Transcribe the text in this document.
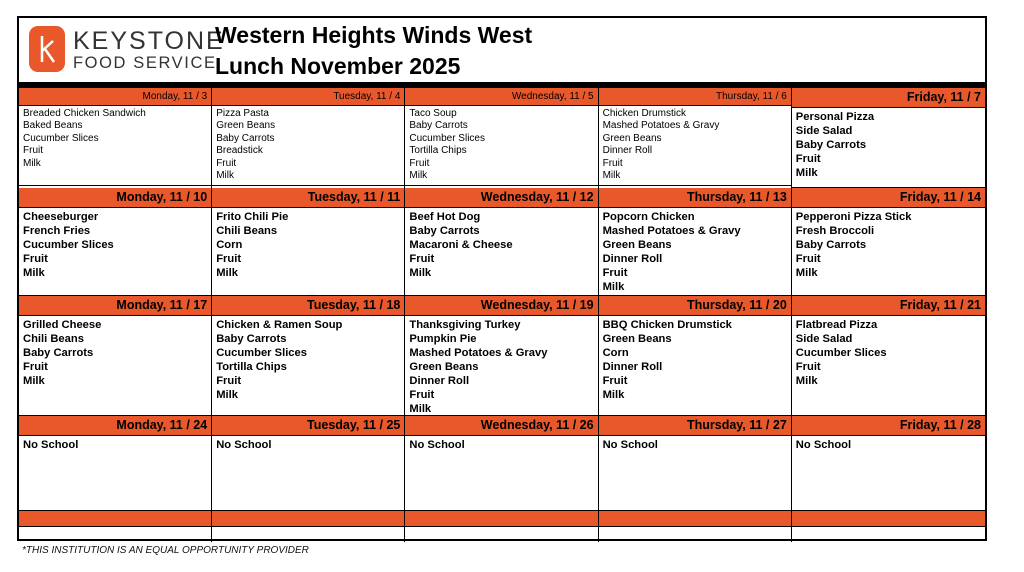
KEYSTONE
FOOD SERVICE
Western Heights Winds West
Lunch November 2025
Monday, 11 / 3
Breaded Chicken Sandwich
Baked Beans
Cucumber Slices
Fruit
Milk
Tuesday, 11 / 4
Pizza Pasta
Green Beans
Baby Carrots
Breadstick
Fruit
Milk
Wednesday, 11 / 5
Taco Soup
Baby Carrots
Cucumber Slices
Tortilla Chips
Fruit
Milk
Thursday, 11 / 6
Chicken Drumstick
Mashed Potatoes & Gravy
Green Beans
Dinner Roll
Fruit
Milk
Friday, 11 / 7
Personal Pizza
Side Salad
Baby Carrots
Fruit
Milk
Monday, 11 / 10
Cheeseburger
French Fries
Cucumber Slices
Fruit
Milk
Tuesday, 11 / 11
Frito Chili Pie
Chili Beans
Corn
Fruit
Milk
Wednesday, 11 / 12
Beef Hot Dog
Baby Carrots
Macaroni & Cheese
Fruit
Milk
Thursday, 11 / 13
Popcorn Chicken
Mashed Potatoes & Gravy
Green Beans
Dinner Roll
Fruit
Milk
Friday, 11 / 14
Pepperoni Pizza Stick
Fresh Broccoli
Baby Carrots
Fruit
Milk
Monday, 11 / 17
Grilled Cheese
Chili Beans
Baby Carrots
Fruit
Milk
Tuesday, 11 / 18
Chicken & Ramen Soup
Baby Carrots
Cucumber Slices
Tortilla Chips
Fruit
Milk
Wednesday, 11 / 19
Thanksgiving Turkey
Pumpkin Pie
Mashed Potatoes & Gravy
Green Beans
Dinner Roll
Fruit
Milk
Thursday, 11 / 20
BBQ Chicken Drumstick
Green Beans
Corn
Dinner Roll
Fruit
Milk
Friday, 11 / 21
Flatbread Pizza
Side Salad
Cucumber Slices
Fruit
Milk
Monday, 11 / 24
No School
Tuesday, 11 / 25
No School
Wednesday, 11 / 26
No School
Thursday, 11 / 27
No School
Friday, 11 / 28
No School
*THIS INSTITUTION IS AN EQUAL OPPORTUNITY PROVIDER
